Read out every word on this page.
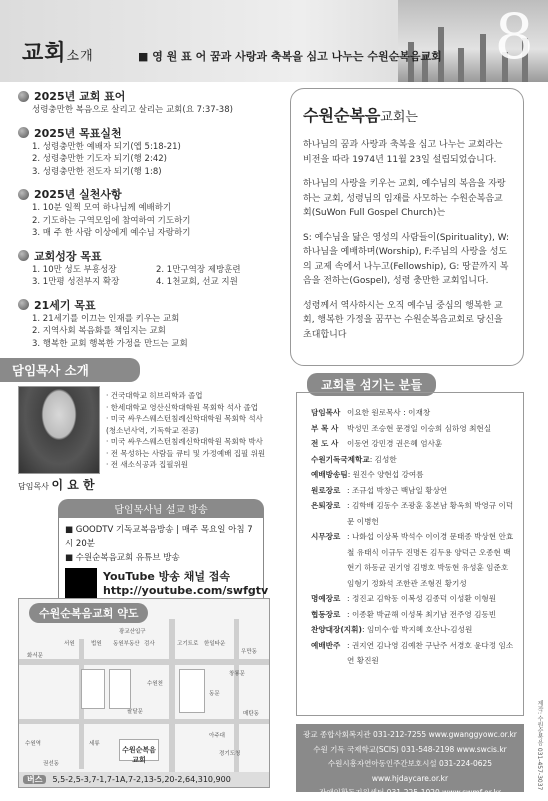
8
교회소개	■ 영 원 표 어 꿈과 사랑과 축복을 심고 나누는 수원순복음교회
2025년 교회 표어

성령충만한 복음으로 살리고 살리는 교회(요 7:37-38)

2025년 목표실천

1. 성령충만한 예배자 되기(엡 5:18-21)

2. 성령충만한 기도자 되기(행 2:42)

3. 성령충만한 전도자 되기(행 1:8)

2025년 실천사항

1. 10분 일찍 모여 하나님께 예배하기

2. 기도하는 구역모임에 참여하여 기도하기

3. 매 주 한 사람 이상에게 예수님 자랑하기

교회성장 목표
1. 10만 성도 부흥성장	2. 1만구역장 제방훈련
3. 1만평 성전부지 확장	4. 1천교회, 선교 지원
21세기 목표

1. 21세기를 이끄는 인재를 키우는 교회

2. 지역사회 복음화를 책임지는 교회

3. 행복한 교회 행복한 가정을 만드는 교회

담임목사 소개
담임목사 이 요 한
· 건국대학교 히브리학과 졸업
· 한세대학교 영산신학대학원 목회학 석사 졸업
· 미국 싸우스웨스턴침례신학대학원 목회학 석사
(청소년사역, 기독학교 전공)
· 미국 싸우스웨스턴침례신학대학원 목회학 박사
· 전 목성하는 사람들 큐티 및 가정예배 집필 위원
· 전 새소식공과 집필위원
담임목사님 설교 방송
■ GOODTV 기독교복음방송 | 매주 목요일 아침 7시 20분
■ 수원순복음교회 유튜브 방송
YouTube 방송 채널 접속
http://youtube.com/swfgtv
수원순복음교회 약도
광교산입구
서원	법원 동원부동산 검사	고기트로 한일타운
우만동
창룡문
동문
화서문
팔달문
세류
수원역
권선동
아주대
경기도청
수원천
매탄동
수원순복음교회
버스 5,5-2,5-3,7-1,7-1A,7-2,13-5,20-2,64,310,900
수원순복음교회는

하나님의 꿈과 사랑과 축복을 심고 나누는 교회라는 비전을 따라 1974년 11월 23일 설립되었습니다.

하나님의 사랑을 키우는 교회, 예수님의 복음을 자랑하는 교회, 성령님의 임재를 사모하는 수원순복음교회(SuWon Full Gospel Church)는

S: 예수님을 닮은 영성의 사람들이(Spirituality), W: 하나님을 예배하며(Worship), F:주님의 사랑을 성도의 교제 속에서 나누고(Fellowship), G: 땅끝까지 복음을 전하는(Gospel), 성령 충만한 교회입니다.

성령께서 역사하시는 오직 예수님 중심의 행복한 교회, 행복한 가정을 꿈꾸는 수원순복음교회로 당신을 초대합니다

교회를 섬기는 분들
담임목사 이요한 원로목사 : 이재창
부 목 사	박성민 조승현 문경일 이승희 심하영 최현실
전 도 사	이동연 강민경 권은혜 엄사훈
수원기독국제학교 : 김성한
예배방송팀 : 원진수 양현섭 강여름
원로장로 : 조규섭 박창근 백남일 황상연
은퇴장로 : 김학배 김동수 조광훈 홍본남 황옥희 박영규 이덕문 이병헌
시무장로 : 나화섭 이상복 박석수 이이경 문태종 박상현 안효철 유태식 이규두 진명돈 김두용 양덕근 오종현 백현기 하동균 권기영 김병호 박동현 유성훈 임준호 임형기 정화석 조한관 조형진 황기성
명예장로 : 정진교 김학동 이복성 김종덕 이성환 이형원
협동장로 : 이종환 박균해 이성복 최기남 전주영 김동빈
찬양대장(지휘) : 임미수·합 박지혜 호산나-김성원
예배반주 : 권지연 김나영 김예찬 구난주 서경호 윤다정 임소연 황진원
광교 종합사회복지관 031-212-7255 www.gwanggyowc.or.kr
수원 기독 국제학교(SCIS) 031-548-2198 www.swcis.kr
수원시흥자연아동인주간보호시설 031-224-0625 www.hjdaycare.or.kr
장애인활동지원센터 031-225-1020 www.swmf.or.kr
제작: 수원순복음 031-457-3037
